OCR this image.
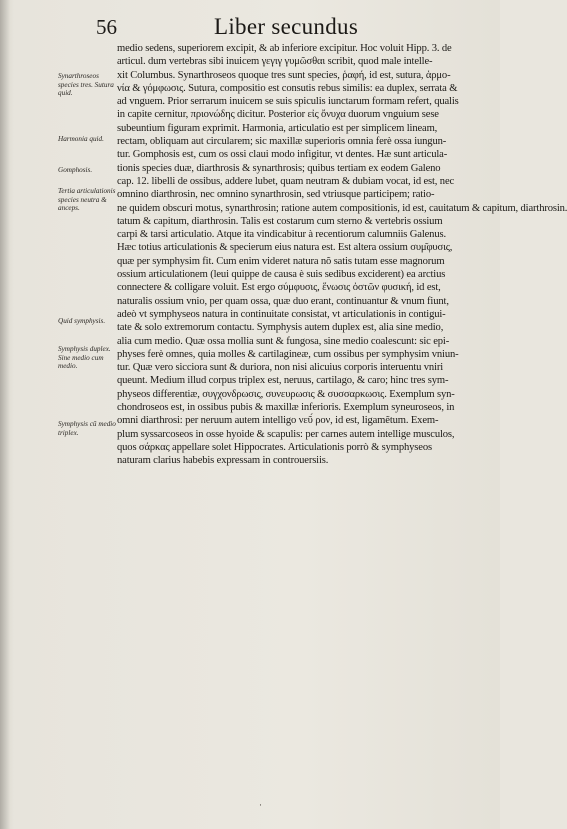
56	Liber secundus
Synarthroseos species tres. Sutura quid.
Harmonia quid.
Gomphosis.
Tertia articulationis species neutra & anceps.
Quid symphysis.
Symphysis duplex. Sine medio cum medio.
Symphysis cũ medio triplex.
medio sedens, superiorem excipit, & ab inferiore excipitur. Hoc voluit Hipp. 3. de
articul. dum vertebras sibi inuicem γεγιγ γυμῶσθαι scribit, quod male intelle-
xit Columbus. Synarthroseos quoque tres sunt species, ῥαφή, id est, sutura, ἁρμο-
νία & γόμφωσις. Sutura, compositio est consutis rebus similis: ea duplex, serrata &
ad vnguem. Prior serrarum inuicem se suis spiculis iunctarum formam refert, qualis
in capite cernitur, πριονώδης dicitur. Posterior εἰς ὄνυχα duorum vnguium sese
subeuntium figuram exprimit. Harmonia, articulatio est per simplicem lineam,
rectam, obliquam aut circularem; sic maxillæ superioris omnia ferè ossa iungun-
tur. Gomphosis est, cum os ossi claui modo infigitur, vt dentes. Hæ sunt articula-
tionis species duæ, diarthrosis & synarthrosis; quibus tertiam ex eodem Galeno
cap. 12. libelli de ossibus, addere lubet, quam neutram & dubiam vocat, id est, nec
omnino diarthrosin, nec omnino synarthrosin, sed vtriusque participem; ratio-
ne quidem obscuri motus, synarthrosin; ratione autem compositionis, id est, cauitatum & capitum, diarthrosin.
tatum & capitum, diarthrosin. Talis est costarum cum sterno & vertebris ossium
carpi & tarsi articulatio. Atque ita vindicabitur à recentiorum calumniis Galenus.
Hæc totius articulationis & specierum eius natura est. Est altera ossium συμ͂φυσις,
quæ per symphysim fit. Cum enim videret natura nõ satis tutam esse magnorum
ossium articulationem (leui quippe de causa è suis sedibus exciderent) ea arctius
connectere & colligare voluit. Est ergo σύμφυσις, ἕνωσις ὀστῶν φυσική, id est,
naturalis ossium vnio, per quam ossa, quæ duo erant, continuantur & vnum fiunt,
adeò vt symphyseos natura in continuitate consistat, vt articulationis in contigui-
tate & solo extremorum contactu. Symphysis autem duplex est, alia sine medio,
alia cum medio. Quæ ossa mollia sunt & fungosa, sine medio coalescunt: sic epi-
physes ferè omnes, quia molles & cartilagineæ, cum ossibus per symphysim vniun-
tur. Quæ vero sicciora sunt & duriora, non nisi alicuius corporis interuentu vniri
queunt. Medium illud corpus triplex est, neruus, cartilago, & caro; hinc tres sym-
physeos differentiæ, συγχονδρωσις, συνευρωσις & συσσαρκωσις. Exemplum syn-
chondroseos est, in ossibus pubis & maxillæ inferioris. Exemplum syneuroseos, in
omni diarthrosi: per neruum autem intelligo νεῦ́ ρον, id est, ligamẽtum. Exem-
plum syssarcoseos in osse hyoide & scapulis: per carnes autem intellige musculos,
quos σάρκας appellare solet Hippocrates. Articulationis porrò & symphyseos
naturam clarius habebis expressam in controuersiis.
·
